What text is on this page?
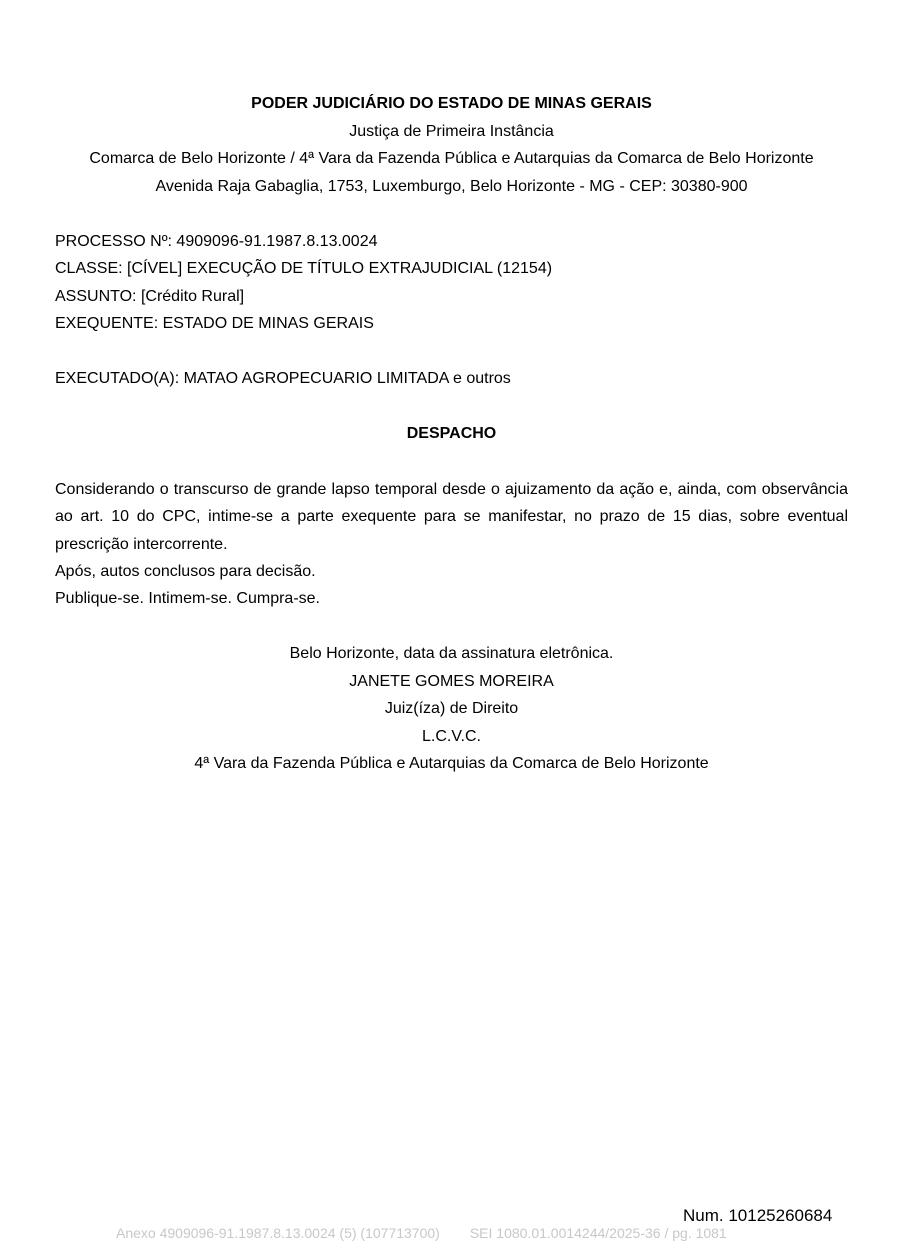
PODER JUDICIÁRIO DO ESTADO DE MINAS GERAIS
Justiça de Primeira Instância
Comarca de Belo Horizonte / 4ª Vara da Fazenda Pública e Autarquias da Comarca de Belo Horizonte
Avenida Raja Gabaglia, 1753, Luxemburgo, Belo Horizonte - MG - CEP: 30380-900
PROCESSO Nº: 4909096-91.1987.8.13.0024
CLASSE: [CÍVEL] EXECUÇÃO DE TÍTULO EXTRAJUDICIAL (12154)
ASSUNTO: [Crédito Rural]
EXEQUENTE: ESTADO DE MINAS GERAIS
EXECUTADO(A): MATAO AGROPECUARIO LIMITADA e outros
DESPACHO
Considerando o transcurso de grande lapso temporal desde o ajuizamento da ação e, ainda, com observância ao art. 10 do CPC, intime-se a parte exequente para se manifestar, no prazo de 15 dias, sobre eventual prescrição intercorrente.
Após, autos conclusos para decisão.
Publique-se. Intimem-se. Cumpra-se.
Belo Horizonte, data da assinatura eletrônica.
JANETE GOMES MOREIRA
Juiz(íza) de Direito
L.C.V.C.
4ª Vara da Fazenda Pública e Autarquias da Comarca de Belo Horizonte
Num. 10125260684
Anexo 4909096-91.1987.8.13.0024 (5) (107713700) SEI 1080.01.0014244/2025-36 / pg. 1081
